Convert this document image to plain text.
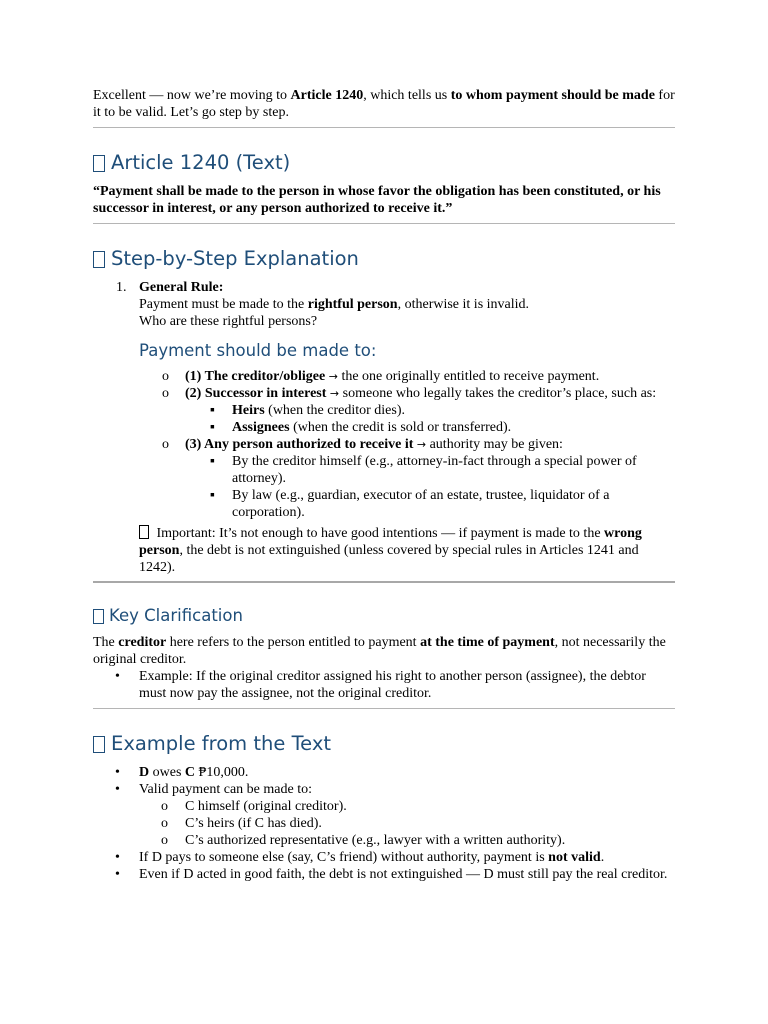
Excellent — now we’re moving to Article 1240, which tells us to whom payment should be made for it to be valid. Let’s go step by step.

Article 1240 (Text)

“Payment shall be made to the person in whose favor the obligation has been constituted, or his successor in interest, or any person authorized to receive it.”

Step-by-Step Explanation
1. General Rule:
Payment must be made to the rightful person, otherwise it is invalid.
Who are these rightful persons?
Payment should be made to:
o (1) The creditor/obligee → the one originally entitled to receive payment.
o (2) Successor in interest → someone who legally takes the creditor’s place, such as:
▪ Heirs (when the creditor dies).
▪ Assignees (when the credit is sold or transferred).
o (3) Any person authorized to receive it → authority may be given:
▪ By the creditor himself (e.g., attorney-in-fact through a special power of attorney).
▪ By law (e.g., guardian, executor of an estate, trustee, liquidator of a corporation).
Important: It’s not enough to have good intentions — if payment is made to the wrong person, the debt is not extinguished (unless covered by special rules in Articles 1241 and 1242).
Key Clarification

The creditor here refers to the person entitled to payment at the time of payment, not necessarily the original creditor.

• Example: If the original creditor assigned his right to another person (assignee), the debtor must now pay the assignee, not the original creditor.
Example from the Text
• D owes C ₱10,000.
• Valid payment can be made to:
o C himself (original creditor).
o C’s heirs (if C has died).
o C’s authorized representative (e.g., lawyer with a written authority).
• If D pays to someone else (say, C’s friend) without authority, payment is not valid.
• Even if D acted in good faith, the debt is not extinguished — D must still pay the real creditor.
